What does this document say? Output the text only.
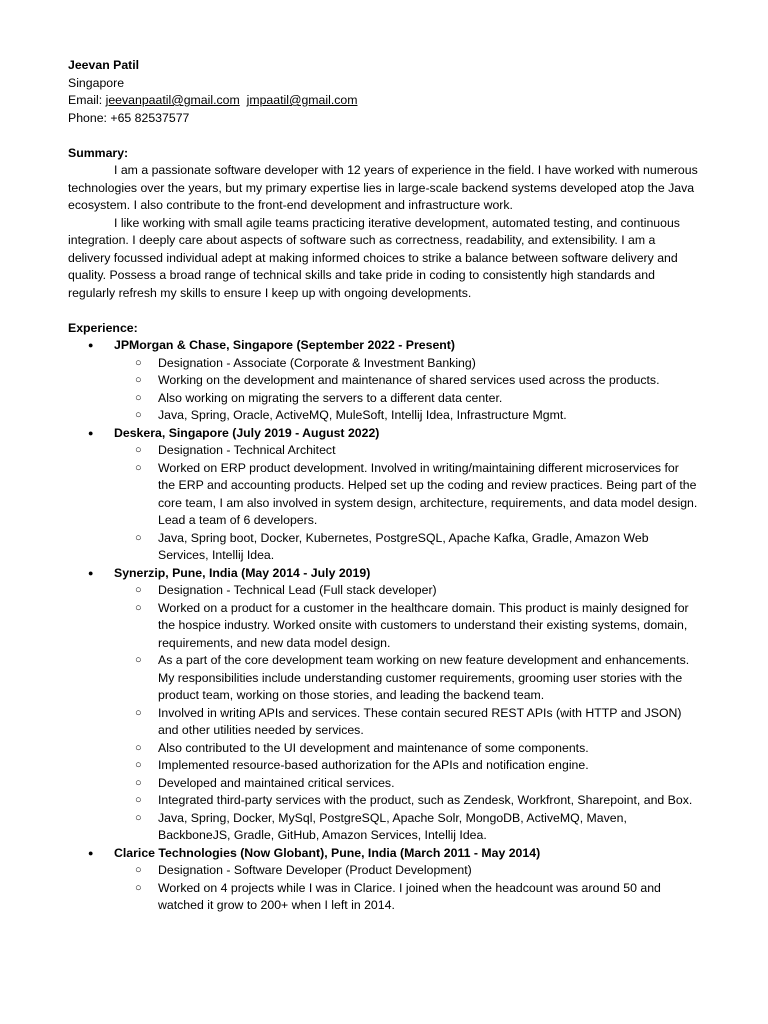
Jeevan Patil
Singapore
Email: jeevanpaatil@gmail.com jmpaatil@gmail.com
Phone: +65 82537577
Summary:
I am a passionate software developer with 12 years of experience in the field. I have worked with numerous technologies over the years, but my primary expertise lies in large-scale backend systems developed atop the Java ecosystem. I also contribute to the front-end development and infrastructure work.
I like working with small agile teams practicing iterative development, automated testing, and continuous integration. I deeply care about aspects of software such as correctness, readability, and extensibility. I am a delivery focussed individual adept at making informed choices to strike a balance between software delivery and quality. Possess a broad range of technical skills and take pride in coding to consistently high standards and regularly refresh my skills to ensure I keep up with ongoing developments.
Experience:
● JPMorgan & Chase, Singapore (September 2022 - Present)
○ Designation - Associate (Corporate & Investment Banking)
○ Working on the development and maintenance of shared services used across the products.
○ Also working on migrating the servers to a different data center.
○ Java, Spring, Oracle, ActiveMQ, MuleSoft, Intellij Idea, Infrastructure Mgmt.
● Deskera, Singapore (July 2019 - August 2022)
○ Designation - Technical Architect
○ Worked on ERP product development. Involved in writing/maintaining different microservices for the ERP and accounting products. Helped set up the coding and review practices. Being part of the core team, I am also involved in system design, architecture, requirements, and data model design. Lead a team of 6 developers.
○ Java, Spring boot, Docker, Kubernetes, PostgreSQL, Apache Kafka, Gradle, Amazon Web Services, Intellij Idea.
● Synerzip, Pune, India (May 2014 - July 2019)
○ Designation - Technical Lead (Full stack developer)
○ Worked on a product for a customer in the healthcare domain. This product is mainly designed for the hospice industry. Worked onsite with customers to understand their existing systems, domain, requirements, and new data model design.
○ As a part of the core development team working on new feature development and enhancements. My responsibilities include understanding customer requirements, grooming user stories with the product team, working on those stories, and leading the backend team.
○ Involved in writing APIs and services. These contain secured REST APIs (with HTTP and JSON) and other utilities needed by services.
○ Also contributed to the UI development and maintenance of some components.
○ Implemented resource-based authorization for the APIs and notification engine.
○ Developed and maintained critical services.
○ Integrated third-party services with the product, such as Zendesk, Workfront, Sharepoint, and Box.
○ Java, Spring, Docker, MySql, PostgreSQL, Apache Solr, MongoDB, ActiveMQ, Maven, BackboneJS, Gradle, GitHub, Amazon Services, Intellij Idea.
● Clarice Technologies (Now Globant), Pune, India (March 2011 - May 2014)
○ Designation - Software Developer (Product Development)
○ Worked on 4 projects while I was in Clarice. I joined when the headcount was around 50 and watched it grow to 200+ when I left in 2014.
